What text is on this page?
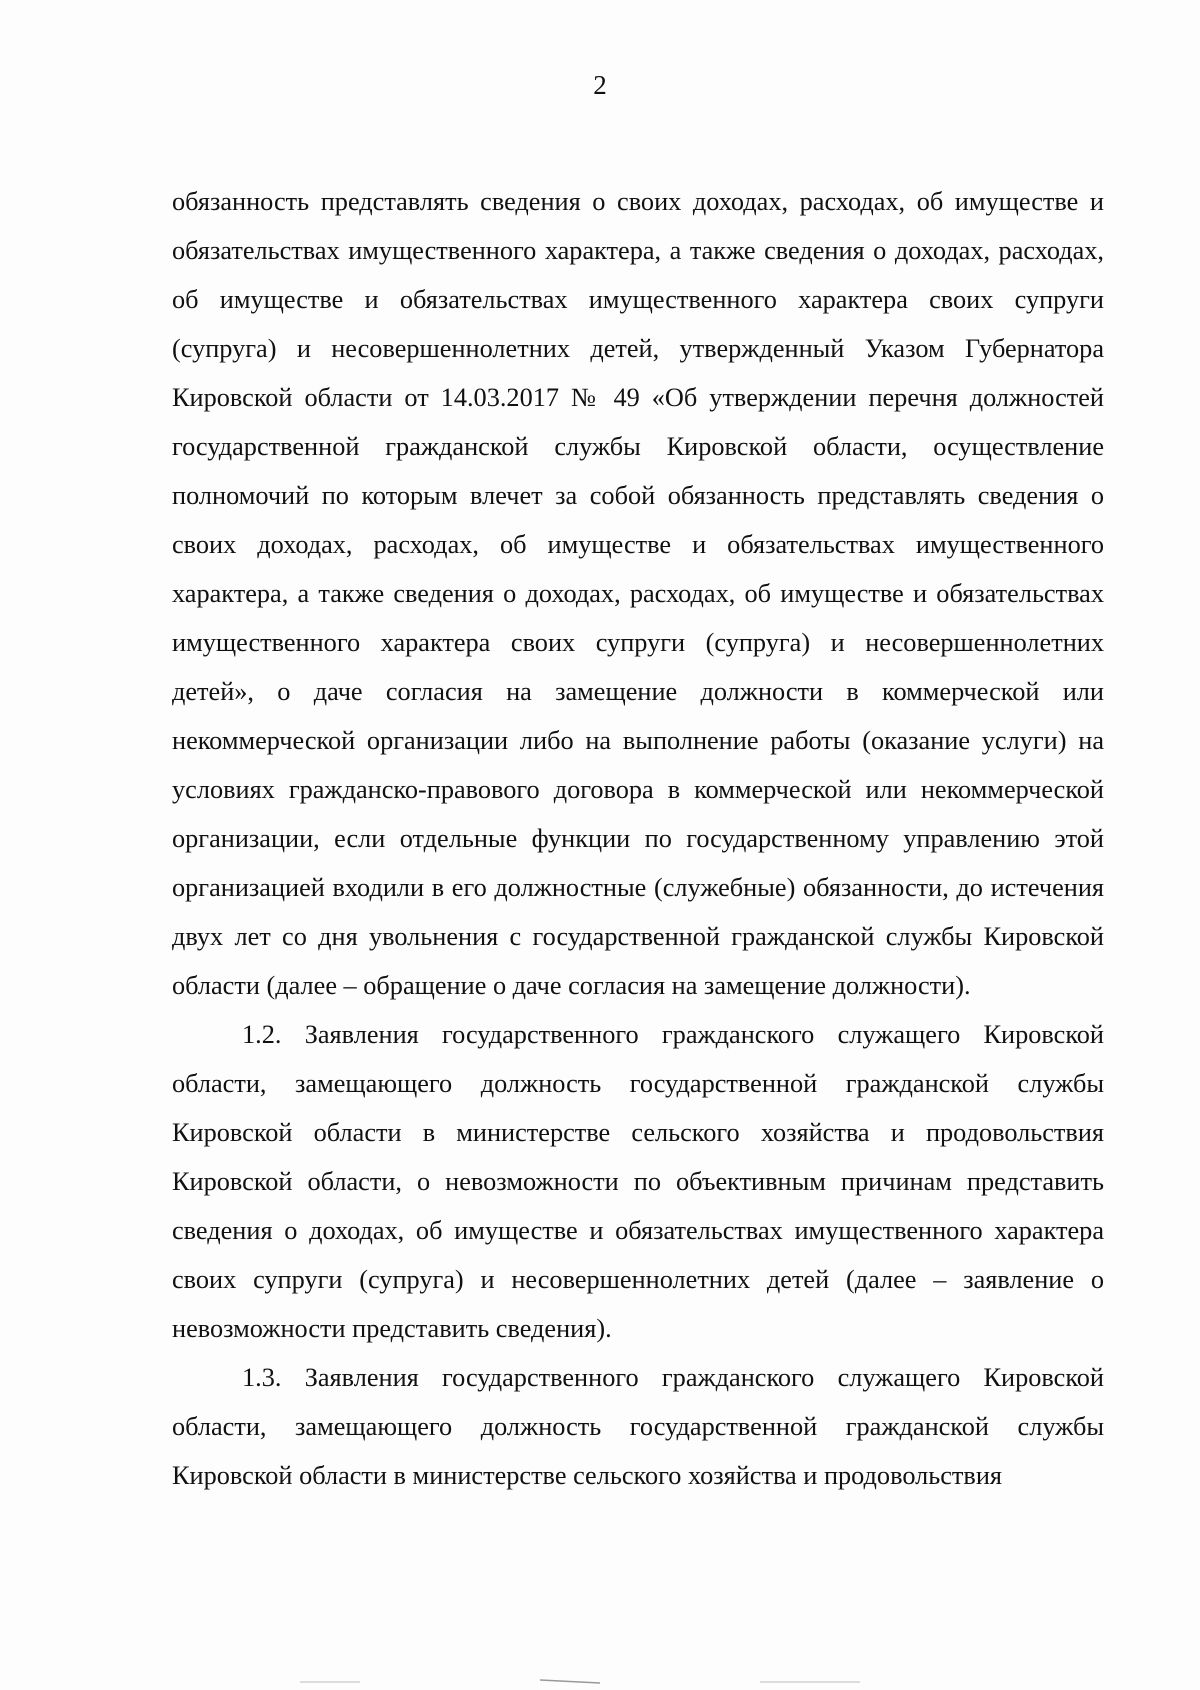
2

обязанность представлять сведения о своих доходах, расходах, об имуществе и обязательствах имущественного характера, а также сведения о доходах, расходах, об имуществе и обязательствах имущественного характера своих супруги (супруга) и несовершеннолетних детей, утвержденный Указом Губернатора Кировской области от 14.03.2017 № 49 «Об утверждении перечня должностей государственной гражданской службы Кировской области, осуществление полномочий по которым влечет за собой обязанность представлять сведения о своих доходах, расходах, об имуществе и обязательствах имущественного характера, а также сведения о доходах, расходах, об имуществе и обязательствах имущественного характера своих супруги (супруга) и несовершеннолетних детей», о даче согласия на замещение должности в коммерческой или некоммерческой организации либо на выполнение работы (оказание услуги) на условиях гражданско-правового договора в коммерческой или некоммерческой организации, если отдельные функции по государственному управлению этой организацией входили в его должностные (служебные) обязанности, до истечения двух лет со дня увольнения с государственной гражданской службы Кировской области (далее – обращение о даче согласия на замещение должности).

1.2. Заявления государственного гражданского служащего Кировской области, замещающего должность государственной гражданской службы Кировской области в министерстве сельского хозяйства и продовольствия Кировской области, о невозможности по объективным причинам представить сведения о доходах, об имуществе и обязательствах имущественного характера своих супруги (супруга) и несовершеннолетних детей (далее – заявление о невозможности представить сведения).

1.3. Заявления государственного гражданского служащего Кировской области, замещающего должность государственной гражданской службы Кировской области в министерстве сельского хозяйства и продовольствия
